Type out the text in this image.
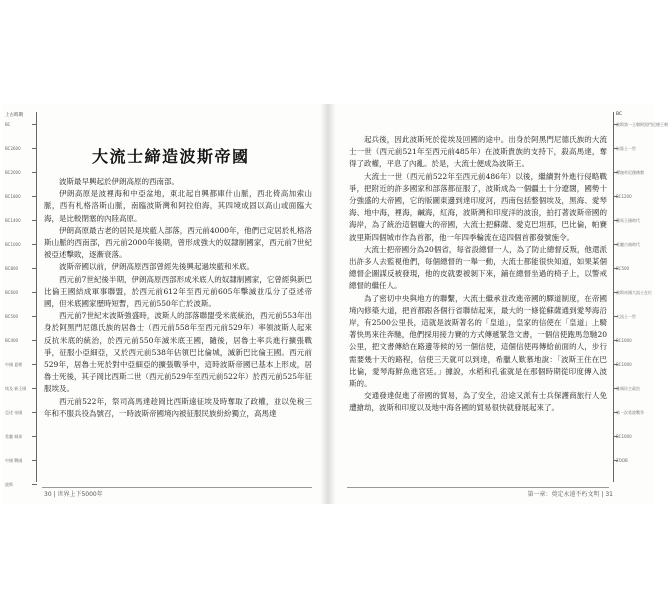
上古時期
BC
BC2600
BC2000
BC1800
BC1400
BC1000
BC800
BC600
BC500
BC400
中國 夏朝
埃及 新王國
亞述 帝國
希臘 城邦
中國 戰國
波斯
大流士締造波斯帝國

波斯最早興起於伊朗高原的西南部。

伊朗高原是波裡海和中亞盆地，東北起自興都庫什山脈，西北倚高加索山脈，西有札格洛斯山脈，南臨波斯灣和阿拉伯海，其四境成固以高山或面臨大海，是比較閉塞的內陸高原。

伊朗高原最古老的居民是埃藍人部落，西元前4000年，他們已定居於札格洛斯山脈的西南部，西元前2000年後期，曾形成強大的奴隸制國家，西元前7世紀被亞述擊敗，逐漸衰落。

波斯帝國以前，伊朗高原西部曾經先後興起過埃藍和米底。

西元前7世紀後半期，伊朗高原西部形成米底人的奴隸制國家，它曾經與新巴比倫王國結成軍事聯盟，於西元前612年至西元前605年擊滅並瓜分了亞述帝國，但米底國家歷時短暫，西元前550年亡於波斯。

西元前7世紀末波斯強盛時，波斯人的部落聯盟受米底統治，西元前553年出身於阿黑門尼德氏族的居魯士（西元前558年至西元前529年）率領波斯人起來反抗米底的統治，於西元前550年滅米底王國，隨後，居魯士率兵進行擴張戰爭，征服小亞細亞，又於西元前538年佔領巴比倫城，滅新巴比倫王國。西元前529年，居魯士死於對中亞細亞的擴張戰爭中，這時波斯帝國已基本上形成，居魯士死後，其子岡比西斯二世（西元前529年至西元前522年）於西元前525年征服埃及。

西元前522年，祭司高馬達趁岡比西斯遠征埃及時奪取了政權，並以免稅三年和不服兵役為號召，一時波斯帝國境內被征服民族紛紛獨立，高馬達

30 | 世界上下5000年

起兵後，因此波斯死於從埃及回國的途中。出身於阿黑門尼德氏族的大流士一世（西元前521年至西元前485年）在波斯貴族的支持下，殺高馬達，奪得了政權，平息了內亂。於是，大流士便成為波斯王。

大流士一世（西元前522年至西元前486年）以後，繼續對外進行侵略戰爭，把附近的許多國家和部落都征服了，波斯成為一個疆土十分遼闊，國勢十分強盛的大帝國，它的版圖東邊到達印度河，西南包括整個埃及，黑海、愛琴海、地中海，裡海，鹹海，紅海，波斯灣和印度洋的波浪，拍打著波斯帝國的海岸，為了統治這個龐大的帝國，大流士把蘇薩、愛克巴坦那，巴比倫，帕賽波里斯四個城市作為首都，他一年四季輪流在這四個首都發號施令。

大流士把帝國分為20個省，每省設總督一人，為了防止總督反叛，他還派出許多人去監視他們，每個總督的一舉一動，大流士都能很快知道，如果某個總督企圖謀反被發現，他的皮就要被剝下來，鋪在總督坐過的椅子上，以警戒總督的繼任人。

為了密切中央與地方的聯繫，大流士繼承並改進帝國的驛道制度，在帝國境內修築大道，把首都跟各個行省聯結起來，最大的一條從蘇薩通到愛琴海沿岸，有2500公里長，這就是波斯著名的「皇道」，皇家的信使在「皇道」上騎著快馬來往奔馳，他們採用接力賽的方式傳遞緊急文書，一個信使跑馬急馳20公里，把文書傳給在路邊等候的另一個信使，這個信使再傳給前面的人，步行需要幾十天的路程，信使三天就可以到達，希臘人歎慕地說：「波斯王住在巴比倫，愛琴海鮮魚進宮廷。」據說，水稻和孔雀就是在那個時期從印度傳入波斯的。

交通發達促進了帝國的貿易，為了安全，沿途又派有士兵保護商旅行人免遭搶劫，波斯和印度以及地中海各國的貿易很快就發展起來了。

BC
波斯第一王朝阿黑門尼德王朝
居魯士一世
釋迦牟尼創佛教
BC1200
羅馬王國時代
希臘古典時代
BC500
波斯帝國大流士在位
大流士一世
BC1000
BC1000
雅典民主政治
第一次希波戰爭
BC1000
ZOOB
第一章：奠定永遠不朽文明 | 31
